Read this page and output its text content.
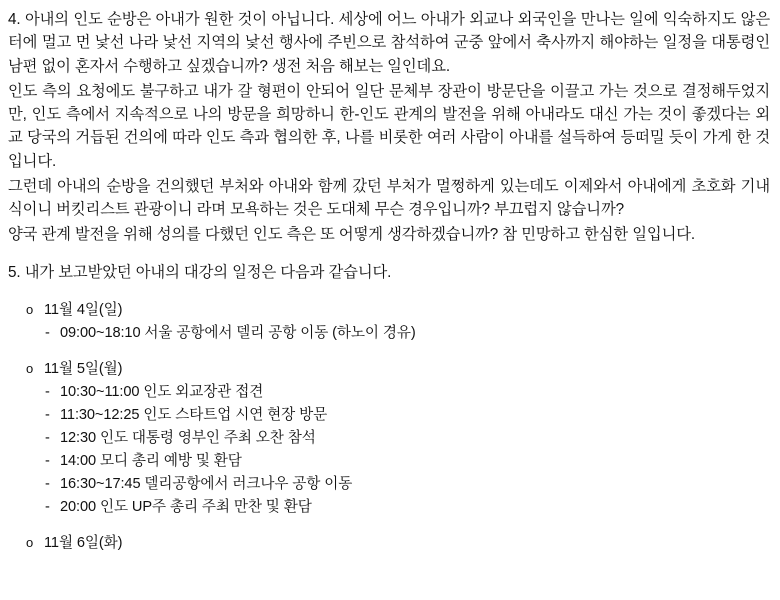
4. 아내의 인도 순방은 아내가 원한 것이 아닙니다. 세상에 어느 아내가 외교나 외국인을 만나는 일에 익숙하지도 않은 터에 멀고 먼 낯선 나라 낯선 지역의 낯선 행사에 주빈으로 참석하여 군중 앞에서 축사까지 해야하는 일정을 대통령인 남편 없이 혼자서 수행하고 싶겠습니까? 생전 처음 해보는 일인데요.

인도 측의 요청에도 불구하고 내가 갈 형편이 안되어 일단 문체부 장관이 방문단을 이끌고 가는 것으로 결정해두었지만, 인도 측에서 지속적으로 나의 방문을 희망하니 한-인도 관계의 발전을 위해 아내라도 대신 가는 것이 좋겠다는 외교 당국의 거듭된 건의에 따라 인도 측과 협의한 후, 나를 비롯한 여러 사람이 아내를 설득하여 등떠밀 듯이 가게 한 것입니다.

그런데 아내의 순방을 건의했던 부처와 아내와 함께 갔던 부처가 멀쩡하게 있는데도 이제와서 아내에게 초호화 기내식이니 버킷리스트 관광이니 라며 모욕하는 것은 도대체 무슨 경우입니까? 부끄럽지 않습니까?

양국 관계 발전을 위해 성의를 다했던 인도 측은 또 어떻게 생각하겠습니까? 참 민망하고 한심한 일입니다.

5. 내가 보고받았던 아내의 대강의 일정은 다음과 같습니다.

o 11월 4일(일)
- 09:00~18:10 서울 공항에서 델리 공항 이동 (하노이 경유)
o 11월 5일(월)
- 10:30~11:00 인도 외교장관 접견
- 11:30~12:25 인도 스타트업 시연 현장 방문
- 12:30 인도 대통령 영부인 주최 오찬 참석
- 14:00 모디 총리 예방 및 환담
- 16:30~17:45 델리공항에서 러크나우 공항 이동
- 20:00 인도 UP주 총리 주최 만찬 및 환담
o 11월 6일(화)
